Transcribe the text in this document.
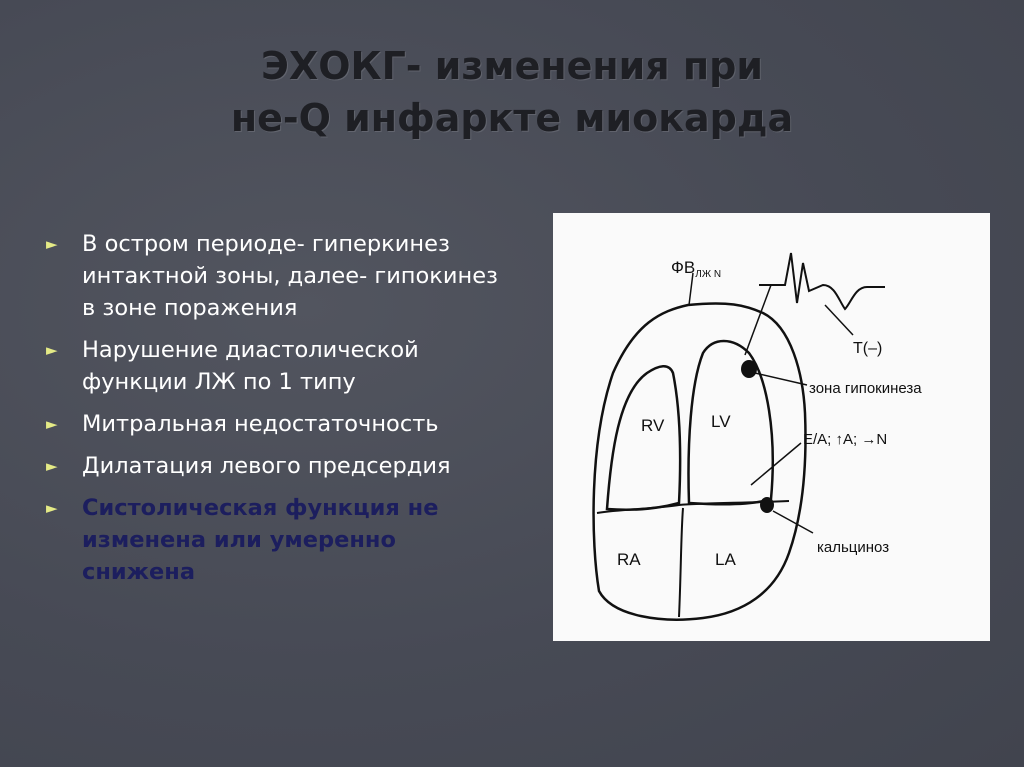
ЭХОКГ- изменения при
не-Q инфаркте миокарда
► В остром периоде- гиперкинез интактной зоны, далее- гипокинез в зоне поражения
► Нарушение диастолической функции ЛЖ по 1 типу
► Митральная недостаточность
► Дилатация левого предсердия
► Систолическая функция не изменена или умеренно снижена
$ФВ_{ЛЖ N}$
RV	LV
RA	LA
T(–)
зона гипокинеза
E/A; ↑A; →N
кальциноз
